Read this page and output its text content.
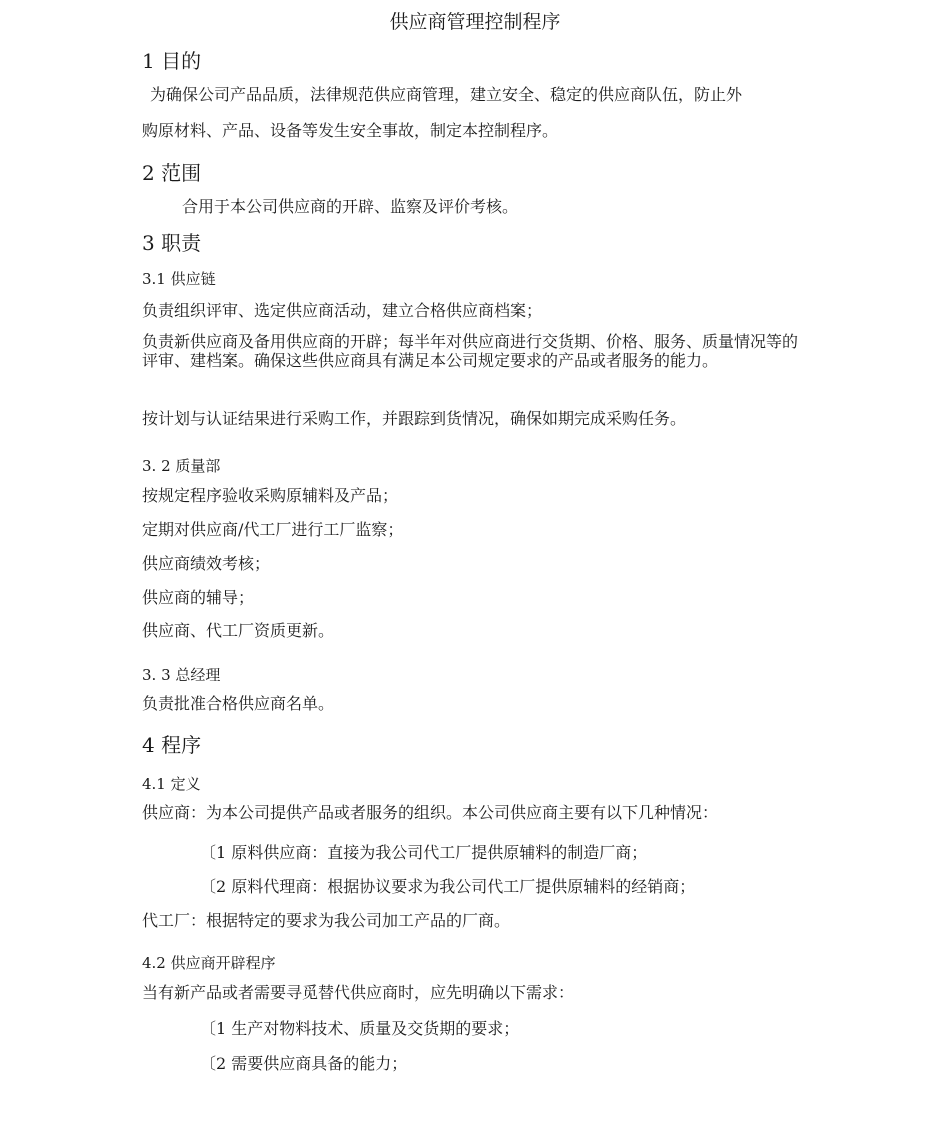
供应商管理控制程序
1 目的
为确保公司产品品质，法律规范供应商管理，建立安全、稳定的供应商队伍，防止外
购原材料、产品、设备等发生安全事故，制定本控制程序。
2 范围
合用于本公司供应商的开辟、监察及评价考核。
3 职责
3.1 供应链
负责组织评审、选定供应商活动，建立合格供应商档案；
负责新供应商及备用供应商的开辟；每半年对供应商进行交货期、价格、服务、质量情况等的评审、建档案。确保这些供应商具有满足本公司规定要求的产品或者服务的能力。
按计划与认证结果进行采购工作，并跟踪到货情况，确保如期完成采购任务。
3. 2 质量部
按规定程序验收采购原辅料及产品；
定期对供应商/代工厂进行工厂监察；
供应商绩效考核；
供应商的辅导；
供应商、代工厂资质更新。
3. 3 总经理
负责批准合格供应商名单。
4 程序
4.1 定义
供应商：为本公司提供产品或者服务的组织。本公司供应商主要有以下几种情况：
〔1 原料供应商：直接为我公司代工厂提供原辅料的制造厂商；
〔2 原料代理商：根据协议要求为我公司代工厂提供原辅料的经销商；
代工厂：根据特定的要求为我公司加工产品的厂商。
4.2 供应商开辟程序
当有新产品或者需要寻觅替代供应商时，应先明确以下需求：
〔1 生产对物料技术、质量及交货期的要求；
〔2 需要供应商具备的能力；
